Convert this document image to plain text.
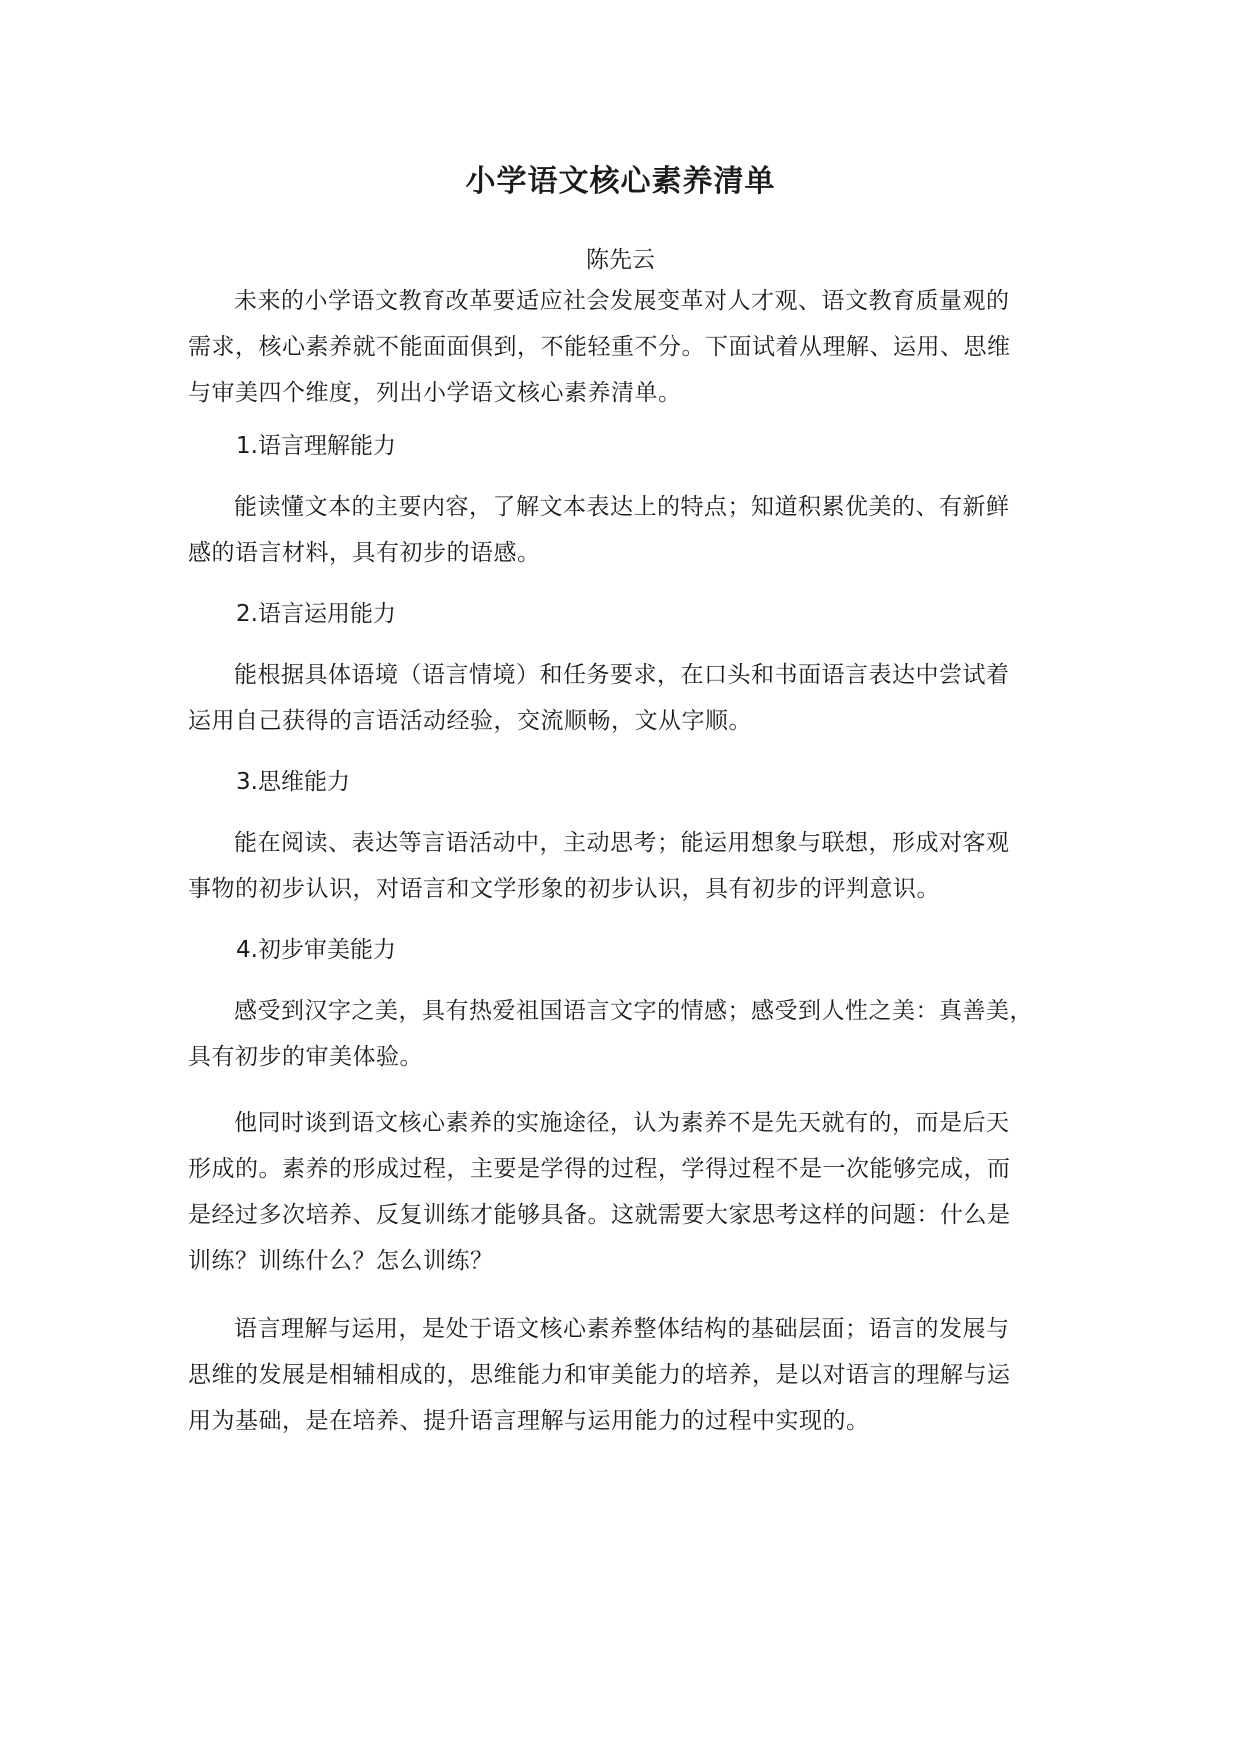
小学语文核心素养清单
陈先云

未来的小学语文教育改革要适应社会发展变革对人才观、语文教育质量观的
需求，核心素养就不能面面俱到，不能轻重不分。下面试着从理解、运用、思维
与审美四个维度，列出小学语文核心素养清单。

1.语言理解能力

能读懂文本的主要内容，了解文本表达上的特点；知道积累优美的、有新鲜
感的语言材料，具有初步的语感。

2.语言运用能力

能根据具体语境（语言情境）和任务要求，在口头和书面语言表达中尝试着
运用自己获得的言语活动经验，交流顺畅，文从字顺。

3.思维能力

能在阅读、表达等言语活动中，主动思考；能运用想象与联想，形成对客观
事物的初步认识，对语言和文学形象的初步认识，具有初步的评判意识。

4.初步审美能力

感受到汉字之美，具有热爱祖国语言文字的情感；感受到人性之美：真善美，
具有初步的审美体验。

他同时谈到语文核心素养的实施途径，认为素养不是先天就有的，而是后天
形成的。素养的形成过程，主要是学得的过程，学得过程不是一次能够完成，而
是经过多次培养、反复训练才能够具备。这就需要大家思考这样的问题：什么是
训练？训练什么？怎么训练？

语言理解与运用，是处于语文核心素养整体结构的基础层面；语言的发展与
思维的发展是相辅相成的，思维能力和审美能力的培养，是以对语言的理解与运
用为基础，是在培养、提升语言理解与运用能力的过程中实现的。
